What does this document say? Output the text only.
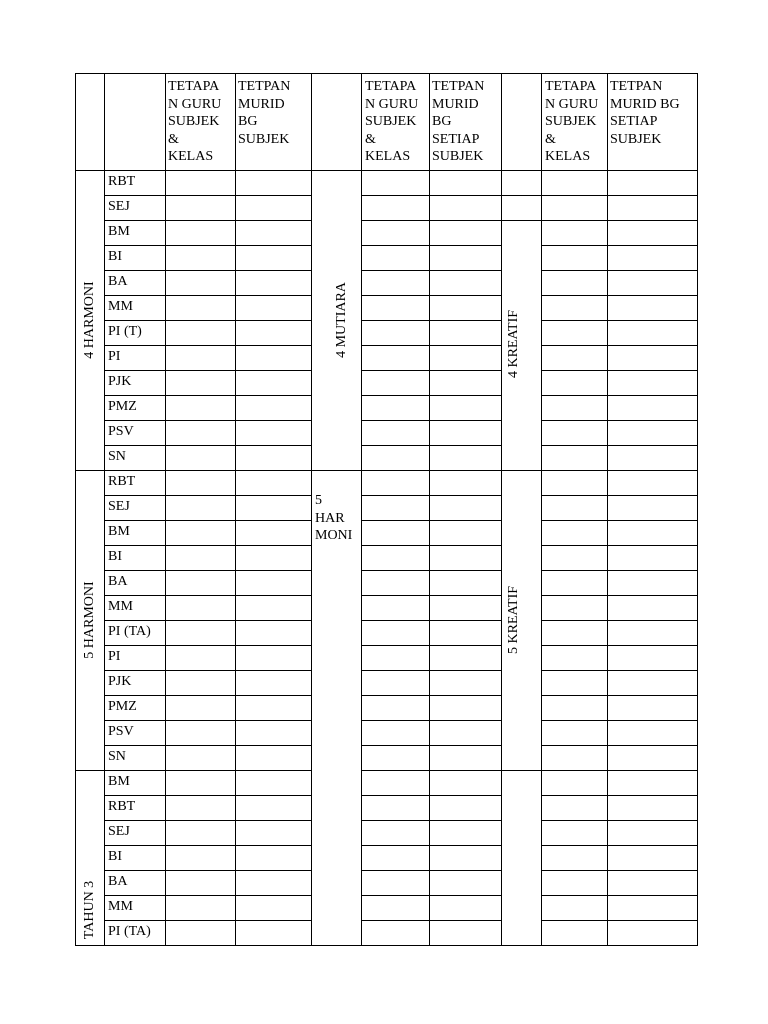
TETAPA
N GURU
SUBJEK
&
KELAS
TETPAN
MURID
BG
SUBJEK
TETAPA
N GURU
SUBJEK
&
KELAS
TETPAN
MURID
BG
SETIAP
SUBJEK
TETAPA
N GURU
SUBJEK
&
KELAS
TETPAN
MURID BG
SETIAP
SUBJEK
4 HARMONI
5 HARMONI
TAHUN 3
4 MUTIARA
5
HAR
MONI
4 KREATIF
5 KREATIF
RBT
SEJ
BM
BI
BA
MM
PI (T)
PI
PJK
PMZ
PSV
SN
RBT
SEJ
BM
BI
BA
MM
PI (TA)
PI
PJK
PMZ
PSV
SN
BM
RBT
SEJ
BI
BA
MM
PI (TA)
